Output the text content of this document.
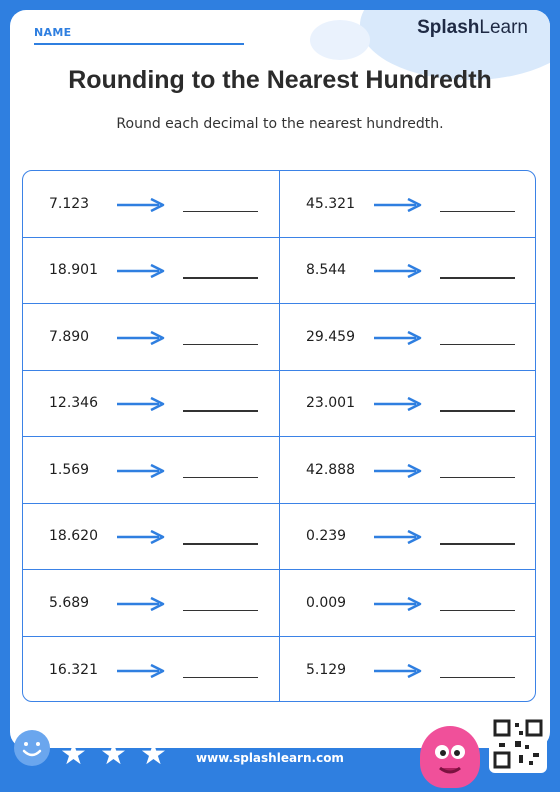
NAME	SplashLearn
Rounding to the Nearest Hundredth
Round each decimal to the nearest hundredth.
7.123	45.321
18.901	8.544
7.890	29.459
12.346	23.001
1.569	42.888
18.620	0.239
5.689	0.009
16.321	5.129
★ ★ ★	www.splashlearn.com
